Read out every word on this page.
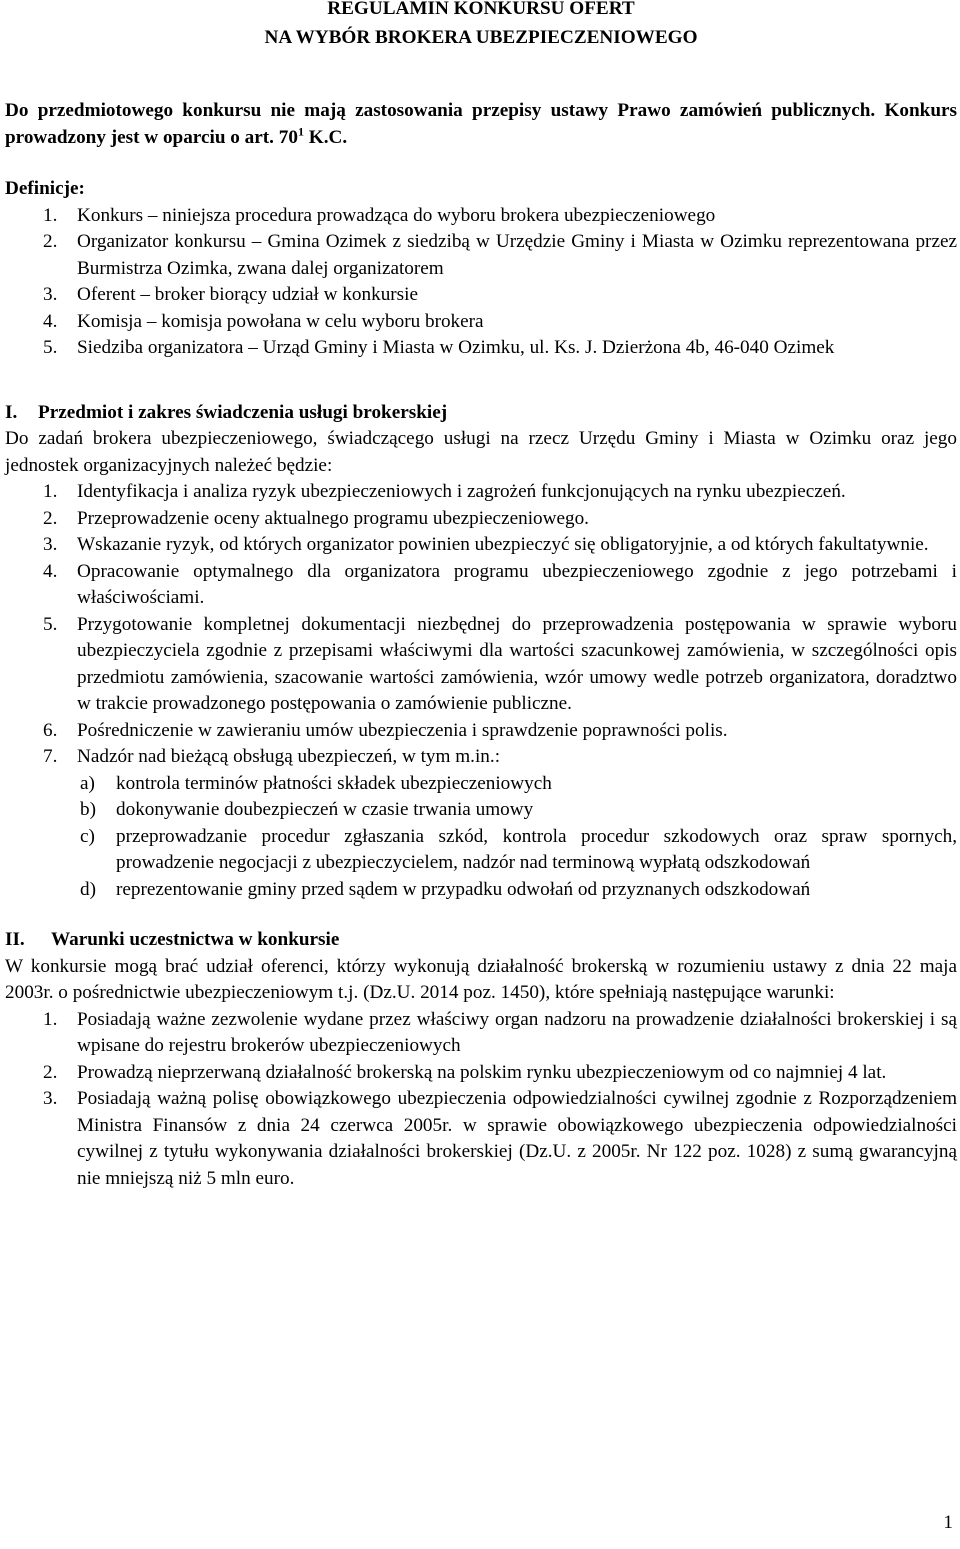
REGULAMIN KONKURSU OFERT

NA WYBÓR BROKERA UBEZPIECZENIOWEGO

Do przedmiotowego konkursu nie mają zastosowania przepisy ustawy Prawo zamówień publicznych. Konkurs prowadzony jest w oparciu o art. $70^1$ K.C.

Definicje:
1. Konkurs – niniejsza procedura prowadząca do wyboru brokera ubezpieczeniowego
2. Organizator konkursu – Gmina Ozimek z siedzibą w Urzędzie Gminy i Miasta w Ozimku reprezentowana przez Burmistrza Ozimka, zwana dalej organizatorem
3. Oferent – broker biorący udział w konkursie
4. Komisja – komisja powołana w celu wyboru brokera
5. Siedziba organizatora – Urząd Gminy i Miasta w Ozimku, ul. Ks. J. Dzierżona 4b, 46-040 Ozimek

I. Przedmiot i zakres świadczenia usługi brokerskiej

Do zadań brokera ubezpieczeniowego, świadczącego usługi na rzecz Urzędu Gminy i Miasta w Ozimku oraz jego jednostek organizacyjnych należeć będzie:

1. Identyfikacja i analiza ryzyk ubezpieczeniowych i zagrożeń funkcjonujących na rynku ubezpieczeń.
2. Przeprowadzenie oceny aktualnego programu ubezpieczeniowego.
3. Wskazanie ryzyk, od których organizator powinien ubezpieczyć się obligatoryjnie, a od których fakultatywnie.
4. Opracowanie optymalnego dla organizatora programu ubezpieczeniowego zgodnie z jego potrzebami i właściwościami.
5. Przygotowanie kompletnej dokumentacji niezbędnej do przeprowadzenia postępowania w sprawie wyboru ubezpieczyciela zgodnie z przepisami właściwymi dla wartości szacunkowej zamówienia, w szczególności opis przedmiotu zamówienia, szacowanie wartości zamówienia, wzór umowy wedle potrzeb organizatora, doradztwo w trakcie prowadzonego postępowania o zamówienie publiczne.
6. Pośredniczenie w zawieraniu umów ubezpieczenia i sprawdzenie poprawności polis.
7. Nadzór nad bieżącą obsługą ubezpieczeń, w tym m.in.:
a) kontrola terminów płatności składek ubezpieczeniowych
b) dokonywanie doubezpieczeń w czasie trwania umowy
c) przeprowadzanie procedur zgłaszania szkód, kontrola procedur szkodowych oraz spraw spornych, prowadzenie negocjacji z ubezpieczycielem, nadzór nad terminową wypłatą odszkodowań
d) reprezentowanie gminy przed sądem w przypadku odwołań od przyznanych odszkodowań

II. Warunki uczestnictwa w konkursie

W konkursie mogą brać udział oferenci, którzy wykonują działalność brokerską w rozumieniu ustawy z dnia 22 maja 2003r. o pośrednictwie ubezpieczeniowym t.j. (Dz.U. 2014 poz. 1450), które spełniają następujące warunki:

1. Posiadają ważne zezwolenie wydane przez właściwy organ nadzoru na prowadzenie działalności brokerskiej i są wpisane do rejestru brokerów ubezpieczeniowych
2. Prowadzą nieprzerwaną działalność brokerską na polskim rynku ubezpieczeniowym od co najmniej 4 lat.
3. Posiadają ważną polisę obowiązkowego ubezpieczenia odpowiedzialności cywilnej zgodnie z Rozporządzeniem Ministra Finansów z dnia 24 czerwca 2005r. w sprawie obowiązkowego ubezpieczenia odpowiedzialności cywilnej z tytułu wykonywania działalności brokerskiej (Dz.U. z 2005r. Nr 122 poz. 1028) z sumą gwarancyjną nie mniejszą niż 5 mln euro.
1
